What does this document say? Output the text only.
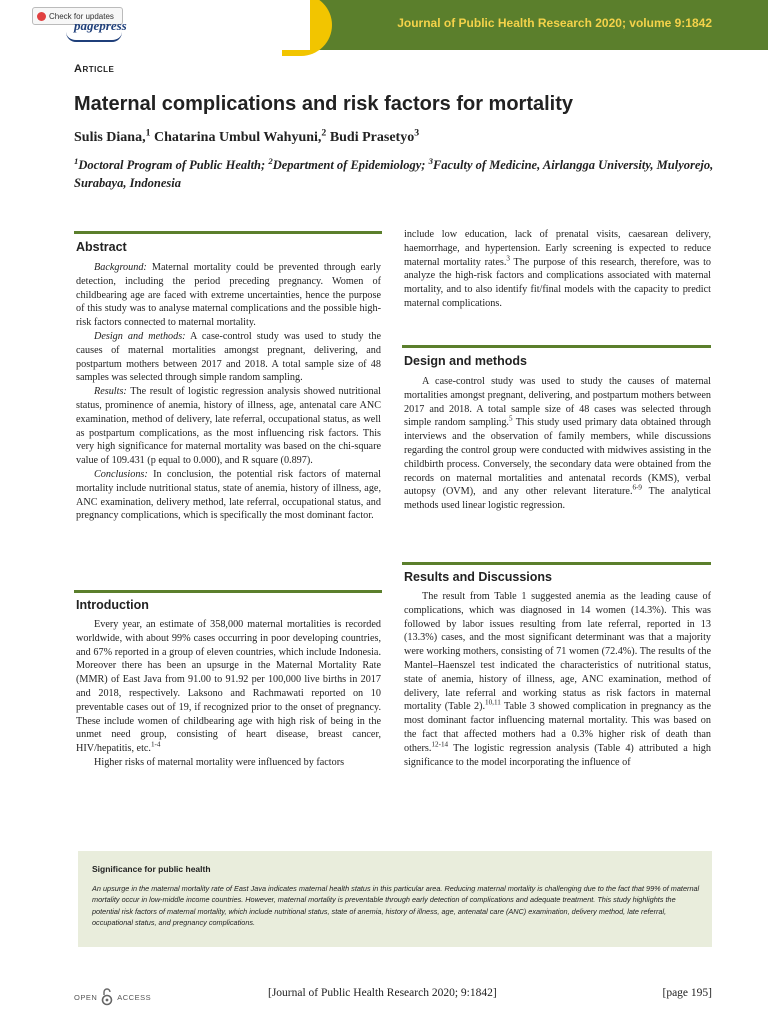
Journal of Public Health Research 2020; volume 9:1842
Check for updates
pagepress
Article
Maternal complications and risk factors for mortality
Sulis Diana,$^1$ Chatarina Umbul Wahyuni,$^2$ Budi Prasetyo$^3$
$^1$Doctoral Program of Public Health; $^2$Department of Epidemiology; $^3$Faculty of Medicine, Airlangga University, Mulyorejo, Surabaya, Indonesia
Abstract

Background: Maternal mortality could be prevented through early detection, including the period preceding pregnancy. Women of childbearing age are faced with extreme uncertainties, hence the purpose of this study was to analyse maternal complications and the possible high-risk factors connected to maternal mortality.

Design and methods: A case-control study was used to study the causes of maternal mortalities amongst pregnant, delivering, and postpartum mothers between 2017 and 2018. A total sample size of 48 samples was selected through simple random sampling.

Results: The result of logistic regression analysis showed nutritional status, prominence of anemia, history of illness, age, antenatal care ANC examination, method of delivery, late referral, occupational status, as well as postpartum complications, as the most influencing risk factors. This very high significance for maternal mortality was based on the chi-square value of 109.431 (p equal to 0.000), and R square (0.897).

Conclusions: In conclusion, the potential risk factors of maternal mortality include nutritional status, state of anemia, history of illness, age, ANC examination, delivery method, late referral, occupational status, and pregnancy complications, which is specifically the most dominant factor.

Introduction

Every year, an estimate of 358,000 maternal mortalities is recorded worldwide, with about 99% cases occurring in poor developing countries, and 67% reported in a group of eleven countries, which include Indonesia. Moreover there has been an upsurge in the Maternal Mortality Rate (MMR) of East Java from 91.00 to 91.92 per 100,000 live births in 2017 and 2018, respectively. Laksono and Rachmawati reported on 10 preventable cases out of 19, if recognized prior to the onset of pregnancy. These include women of childbearing age with high risk of being in the unmet need group, consisting of heart disease, breast cancer, HIV/hepatitis, etc.$^{1-4}$

Higher risks of maternal mortality were influenced by factors

include low education, lack of prenatal visits, caesarean delivery, haemorrhage, and hypertension. Early screening is expected to reduce maternal mortality rates.$^3$ The purpose of this research, therefore, was to analyze the high-risk factors and complications associated with maternal mortality, and to also identify fit/final models with the capacity to predict maternal complications.

Design and methods

A case-control study was used to study the causes of maternal mortalities amongst pregnant, delivering, and postpartum mothers between 2017 and 2018. A total sample size of 48 cases was selected through simple random sampling.$^5$ This study used primary data obtained through interviews and the observation of family members, while discussions regarding the control group were conducted with midwives assisting in the childbirth process. Conversely, the secondary data were obtained from the records on maternal mortalities and antenatal records (KMS), verbal autopsy (OVM), and any other relevant literature.$^{6-9}$ The analytical methods used linear logistic regression.

Results and Discussions

The result from Table 1 suggested anemia as the leading cause of complications, which was diagnosed in 14 women (14.3%). This was followed by labor issues resulting from late referral, reported in 13 (13.3%) cases, and the most significant determinant was that a majority were working mothers, consisting of 71 women (72.4%). The results of the Mantel–Haenszel test indicated the characteristics of nutritional status, state of anemia, history of illness, age, ANC examination, method of delivery, late referral and working status as risk factors in maternal mortality (Table 2).$^{10,11}$ Table 3 showed complication in pregnancy as the most dominant factor influencing maternal mortality. This was based on the fact that affected mothers had a 0.3% higher risk of death than others.$^{12-14}$ The logistic regression analysis (Table 4) attributed a high significance to the model incorporating the influence of

Significance for public health
An upsurge in the maternal mortality rate of East Java indicates maternal health status in this particular area. Reducing maternal mortality is challenging due to the fact that 99% of maternal mortality occur in low-middle income countries. However, maternal mortality is preventable through early detection of complications and adequate treatment. This study highlights the potential risk factors of maternal mortality, which include nutritional status, state of anemia, history of illness, age, antenatal care (ANC) examination, delivery method, late referral, occupational status, and pregnancy complications.
OPEN	ACCESS	[Journal of Public Health Research 2020; 9:1842]	[page 195]
